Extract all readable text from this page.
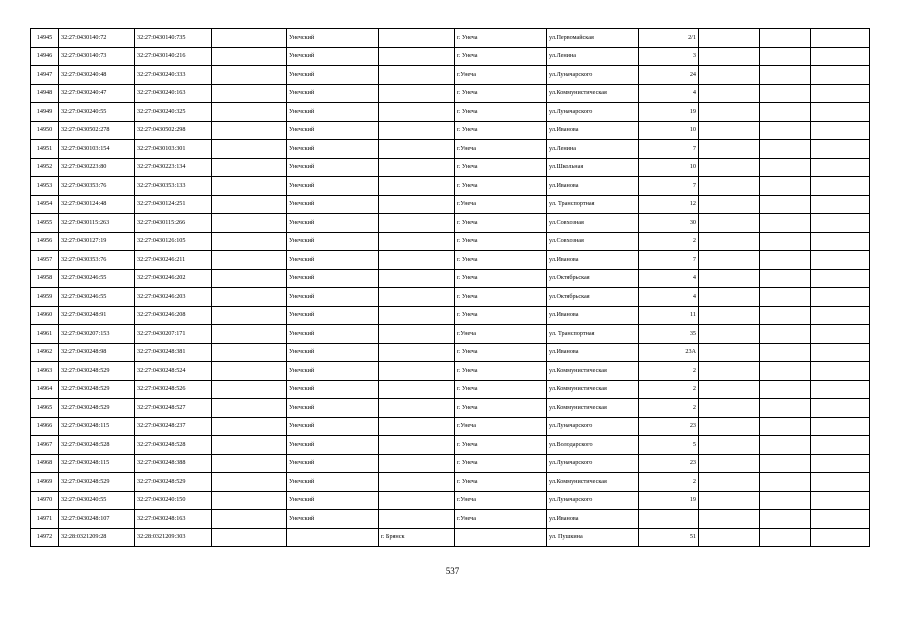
14945	32:27:0430140:72	32:27:0430140:735		Унечский		г. Унеча	ул.Первомайская	2/1			
14946	32:27:0430140:73	32:27:0430140:216		Унечский		г. Унеча	ул.Ленина	3			
14947	32:27:0430240:48	32:27:0430240:333		Унечский		г.Унеча	ул.Луначарского	24			
14948	32:27:0430240:47	32:27:0430240:163		Унечский		г. Унеча	ул.Коммунистическая	4			
14949	32:27:0430240:55	32:27:0430240:325		Унечский		г. Унеча	ул.Луначарского	19			
14950	32:27:0430502:278	32:27:0430502:298		Унечский		г. Унеча	ул.Иванова	10			
14951	32:27:0430103:154	32:27:0430103:301		Унечский		г.Унеча	ул.Ленина	7			
14952	32:27:0430223:80	32:27:0430223:134		Унечский		г. Унеча	ул.Школьная	10			
14953	32:27:0430353:76	32:27:0430353:133		Унечский		г. Унеча	ул.Иванова	7			
14954	32:27:0430124:48	32:27:0430124:251		Унечский		г.Унеча	ул. Транспортная	12			
14955	32:27:0430115:263	32:27:0430115:266		Унечский		г. Унеча	ул.Совхозная	30			
14956	32:27:0430127:19	32:27:0430126:105		Унечский		г. Унеча	ул.Совхозная	2			
14957	32:27:0430353:76	32:27:0430246:211		Унечский		г. Унеча	ул.Иванова	7			
14958	32:27:0430246:55	32:27:0430246:202		Унечский		г. Унеча	ул.Октябрьская	4			
14959	32:27:0430246:55	32:27:0430246:203		Унечский		г. Унеча	ул.Октябрьская	4			
14960	32:27:0430248:91	32:27:0430246:208		Унечский		г. Унеча	ул.Иванова	11			
14961	32:27:0430207:153	32:27:0430207:171		Унечский		г.Унеча	ул. Транспортная	35			
14962	32:27:0430248:98	32:27:0430248:381		Унечский		г. Унеча	ул.Иванова	23А			
14963	32:27:0430248:529	32:27:0430248:524		Унечский		г. Унеча	ул.Коммунистическая	2			
14964	32:27:0430248:529	32:27:0430248:526		Унечский		г. Унеча	ул.Коммунистическая	2			
14965	32:27:0430248:529	32:27:0430248:527		Унечский		г. Унеча	ул.Коммунистическая	2			
14966	32:27:0430248:115	32:27:0430248:237		Унечский		г.Унеча	ул.Луначарского	23			
14967	32:27:0430248:528	32:27:0430248:528		Унечский		г. Унеча	ул.Володарского	5			
14968	32:27:0430248:115	32:27:0430248:388		Унечский		г. Унеча	ул.Луначарского	23			
14969	32:27:0430248:529	32:27:0430248:529		Унечский		г. Унеча	ул.Коммунистическая	2			
14970	32:27:0430240:55	32:27:0430240:150		Унечский		г.Унеча	ул.Луначарского	19			
14971	32:27:0430248:107	32:27:0430248:163		Унечский		г.Унеча	ул.Иванова				
14972	32:28:0321209:28	32:28:0321209:303			г. Брянск		ул. Пушкина	51			
537
